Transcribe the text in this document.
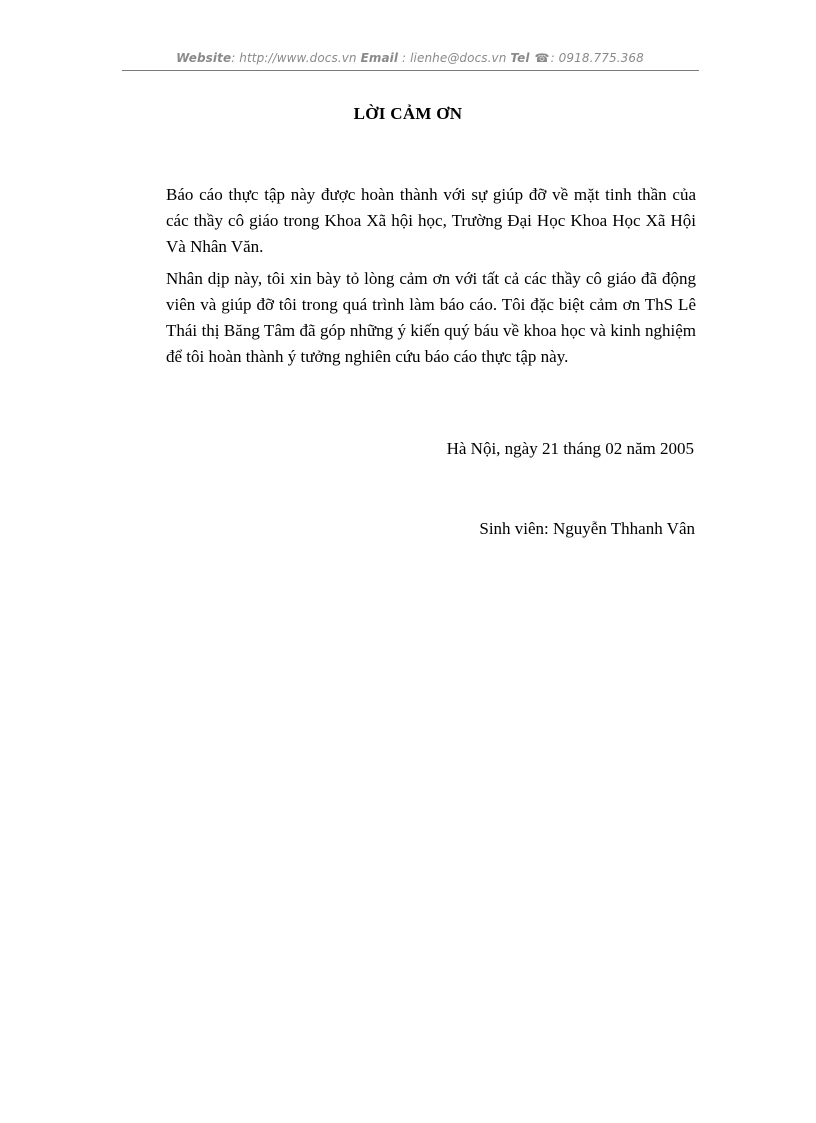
Website: http://www.docs.vn Email : lienhe@docs.vn Tel ☎: 0918.775.368
LỜI CẢM ƠN

Báo cáo thực tập này được hoàn thành với sự giúp đỡ về mặt tinh thần của các thầy cô giáo trong Khoa Xã hội học, Trường Đại Học Khoa Học Xã Hội Và Nhân Văn.

Nhân dịp này, tôi xin bày tỏ lòng cảm ơn với tất cả các thầy cô giáo đã động viên và giúp đỡ tôi trong quá trình làm báo cáo. Tôi đặc biệt cảm ơn ThS Lê Thái thị Băng Tâm đã góp những ý kiến quý báu về khoa học và kinh nghiệm để tôi hoàn thành ý tưởng nghiên cứu báo cáo thực tập này.

Hà Nội, ngày 21 tháng 02 năm 2005
Sinh viên: Nguyễn Thhanh Vân
